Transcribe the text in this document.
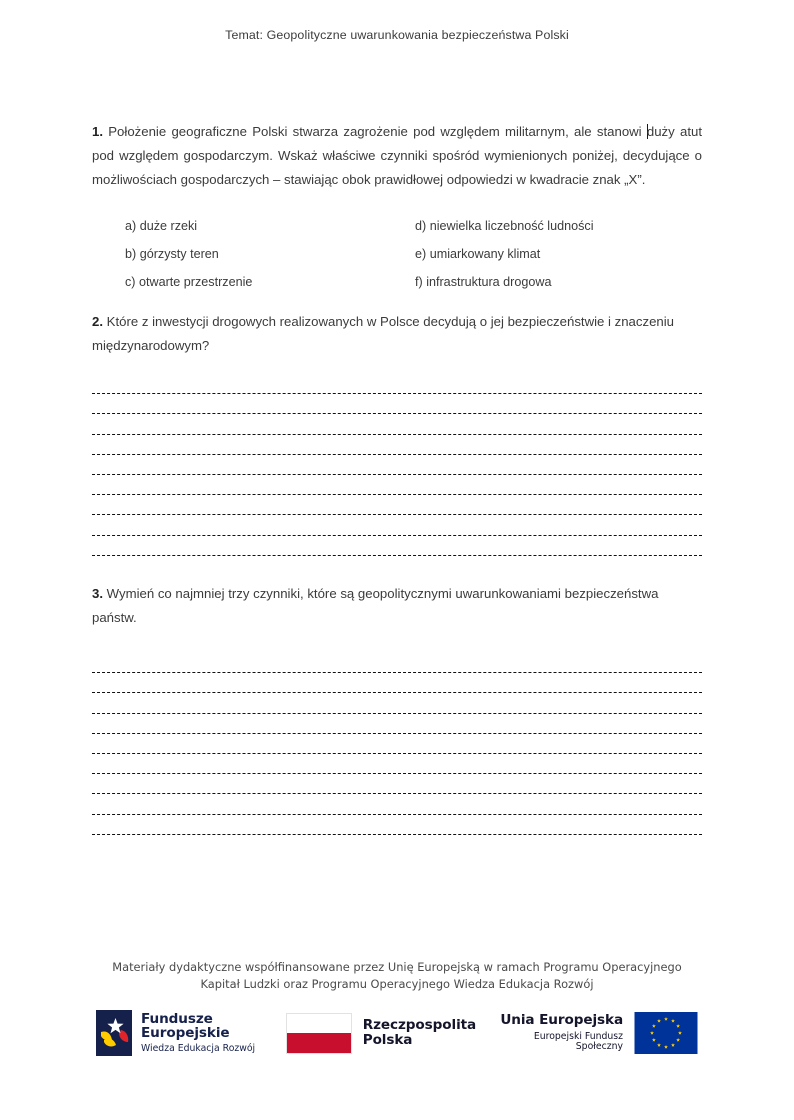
Temat: Geopolityczne uwarunkowania bezpieczeństwa Polski

1. Położenie geograficzne Polski stwarza zagrożenie pod względem militarnym, ale stanowi duży atut pod względem gospodarczym. Wskaż właściwe czynniki spośród wymienionych poniżej, decydujące o możliwościach gospodarczych – stawiając obok prawidłowej odpowiedzi w kwadracie znak „X”.

a) duże rzeki	d) niewielka liczebność ludności
b) górzysty teren	e) umiarkowany klimat
c) otwarte przestrzenie	f) infrastruktura drogowa

2. Które z inwestycji drogowych realizowanych w Polsce decydują o jej bezpieczeństwie i znaczeniu międzynarodowym?

3. Wymień co najmniej trzy czynniki, które są geopolitycznymi uwarunkowaniami bezpieczeństwa państw.

Materiały dydaktyczne współfinansowane przez Unię Europejską w ramach Programu Operacyjnego
Kapitał Ludzki oraz Programu Operacyjnego Wiedza Edukacja Rozwój
Fundusze
Europejskie
Wiedza Edukacja Rozwój
Rzeczpospolita
Polska
Unia Europejska
Europejski Fundusz Społeczny
